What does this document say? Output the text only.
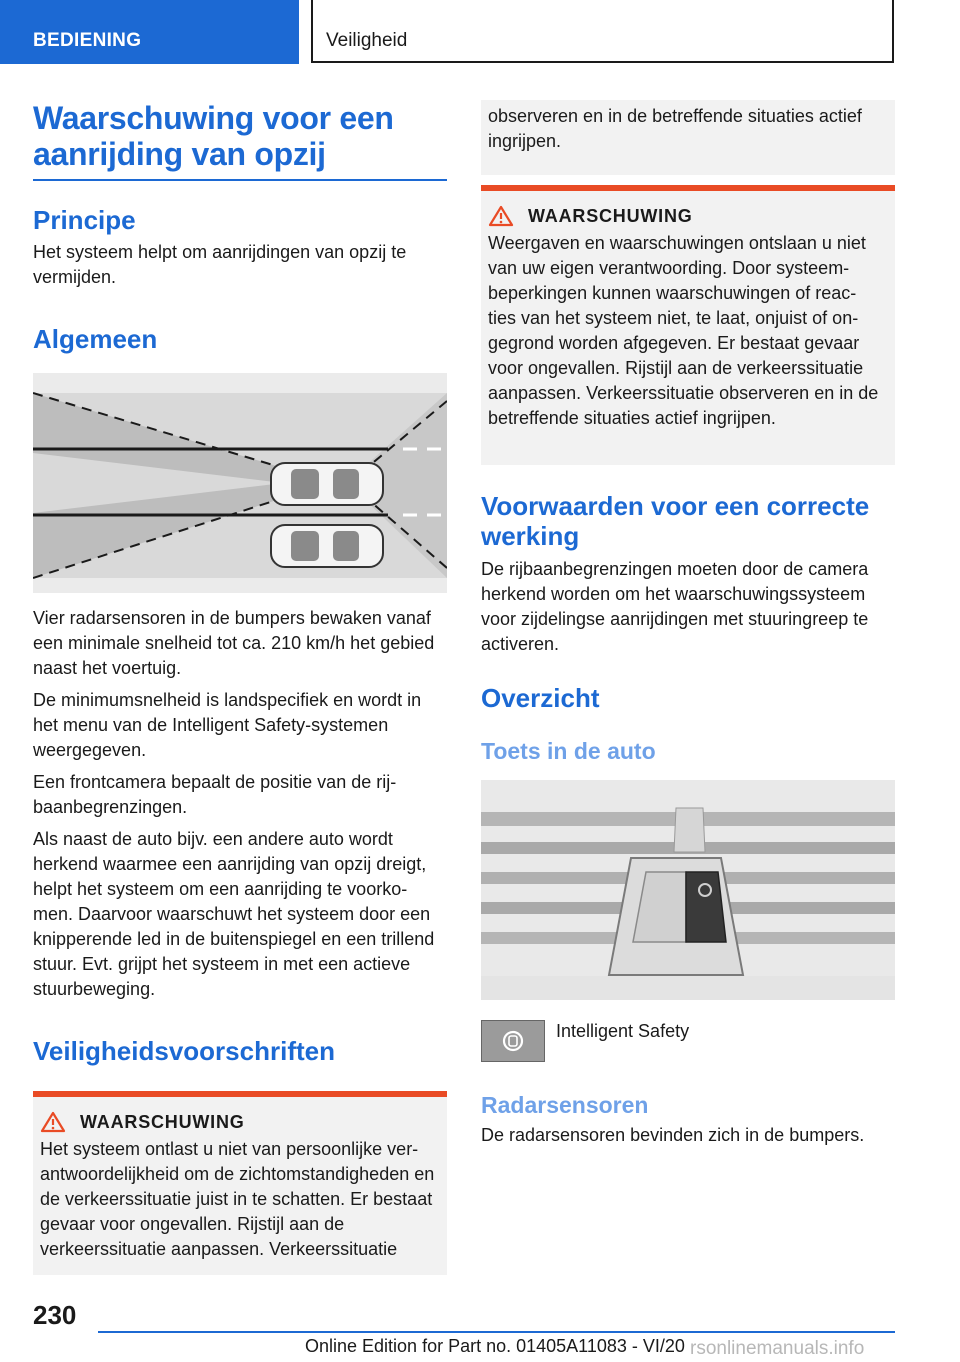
BEDIENING	Veiligheid
Waarschuwing voor een aanrijding van opzij
Principe

Het systeem helpt om aanrijdingen van opzij te vermijden.

Algemeen

Vier radarsensoren in de bumpers bewaken vanaf een minimale snelheid tot ca. 210 km/h het gebied naast het voertuig.

De minimumsnelheid is landspecifiek en wordt in het menu van de Intelligent Safety-systemen weergegeven.

Een frontcamera bepaalt de positie van de rij‐ baanbegrenzingen.

Als naast de auto bijv. een andere auto wordt herkend waarmee een aanrijding van opzij dreigt, helpt het systeem om een aanrijding te voorko‐ men. Daarvoor waarschuwt het systeem door een knipperende led in de buitenspiegel en een trillend stuur. Evt. grijpt het systeem in met een actieve stuurbeweging.

Veiligheidsvoorschriften
WAARSCHUWING

Het systeem ontlast u niet van persoonlijke ver‐ antwoordelijkheid om de zichtomstandigheden en de verkeerssituatie juist in te schatten. Er bestaat gevaar voor ongevallen. Rijstijl aan de verkeerssituatie aanpassen. Verkeerssituatie

observeren en in de betreffende situaties actief ingrijpen.

WAARSCHUWING

Weergaven en waarschuwingen ontslaan u niet van uw eigen verantwoording. Door systeem‐ beperkingen kunnen waarschuwingen of reac‐ ties van het systeem niet, te laat, onjuist of on‐ gegrond worden afgegeven. Er bestaat gevaar voor ongevallen. Rijstijl aan de verkeerssituatie aanpassen. Verkeerssituatie observeren en in de betreffende situaties actief ingrijpen.

Voorwaarden voor een correcte werking

De rijbaanbegrenzingen moeten door de camera herkend worden om het waarschuwingssysteem voor zijdelingse aanrijdingen met stuuringreep te activeren.

Overzicht
Toets in de auto

Intelligent Safety

Radarsensoren

De radarsensoren bevinden zich in de bumpers.

230
Online Edition for Part no. 01405A11083 - VI/20 rsonlinemanuals.info
